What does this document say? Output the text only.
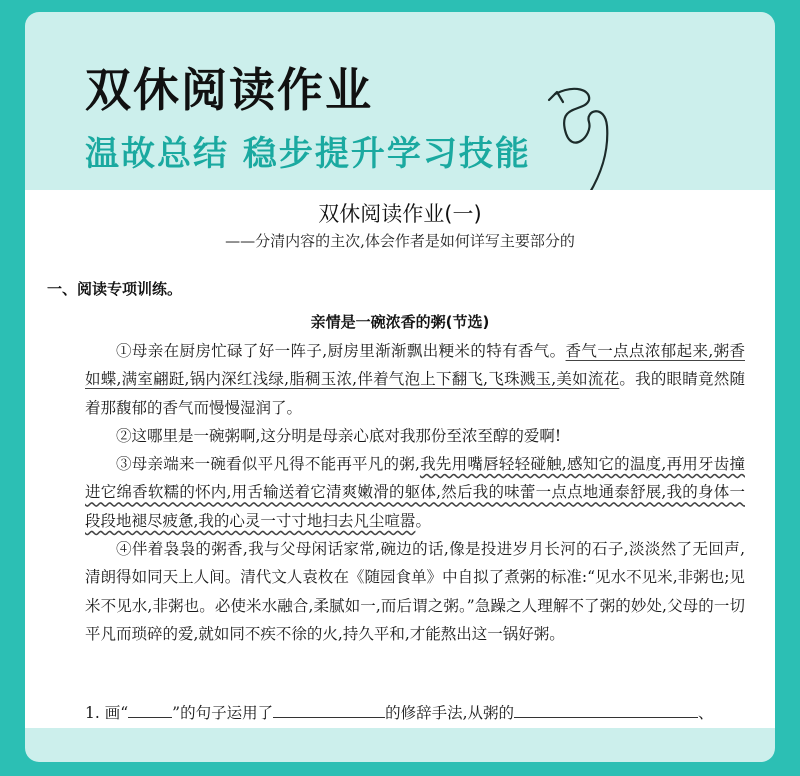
双休阅读作业
温故总结 稳步提升学习技能
双休阅读作业(一)
——分清内容的主次,体会作者是如何详写主要部分的
一、阅读专项训练。
亲情是一碗浓香的粥(节选)

①母亲在厨房忙碌了好一阵子,厨房里渐渐飘出粳米的特有香气。香气一点点浓郁起来,粥香如蝶,满室翩跹,锅内深红浅绿,脂稠玉浓,伴着气泡上下翻飞,飞珠溅玉,美如流花。我的眼睛竟然随着那馥郁的香气而慢慢湿润了。

②这哪里是一碗粥啊,这分明是母亲心底对我那份至浓至醇的爱啊!

③母亲端来一碗看似平凡得不能再平凡的粥,我先用嘴唇轻轻碰触,感知它的温度,再用牙齿撞进它绵香软糯的怀内,用舌输送着它清爽嫩滑的躯体,然后我的味蕾一点点地通泰舒展,我的身体一段段地褪尽疲惫,我的心灵一寸寸地扫去凡尘喧嚣。

④伴着袅袅的粥香,我与父母闲话家常,碗边的话,像是投进岁月长河的石子,淡淡然了无回声,清朗得如同天上人间。清代文人袁枚在《随园食单》中自拟了煮粥的标准:“见水不见米,非粥也;见米不见水,非粥也。必使米水融合,柔腻如一,而后谓之粥。”急躁之人理解不了粥的妙处,父母的一切平凡而琐碎的爱,就如同不疾不徐的火,持久平和,才能熬出这一锅好粥。

1. 画“	”的句子运用了	的修辞手法,从粥的	、
